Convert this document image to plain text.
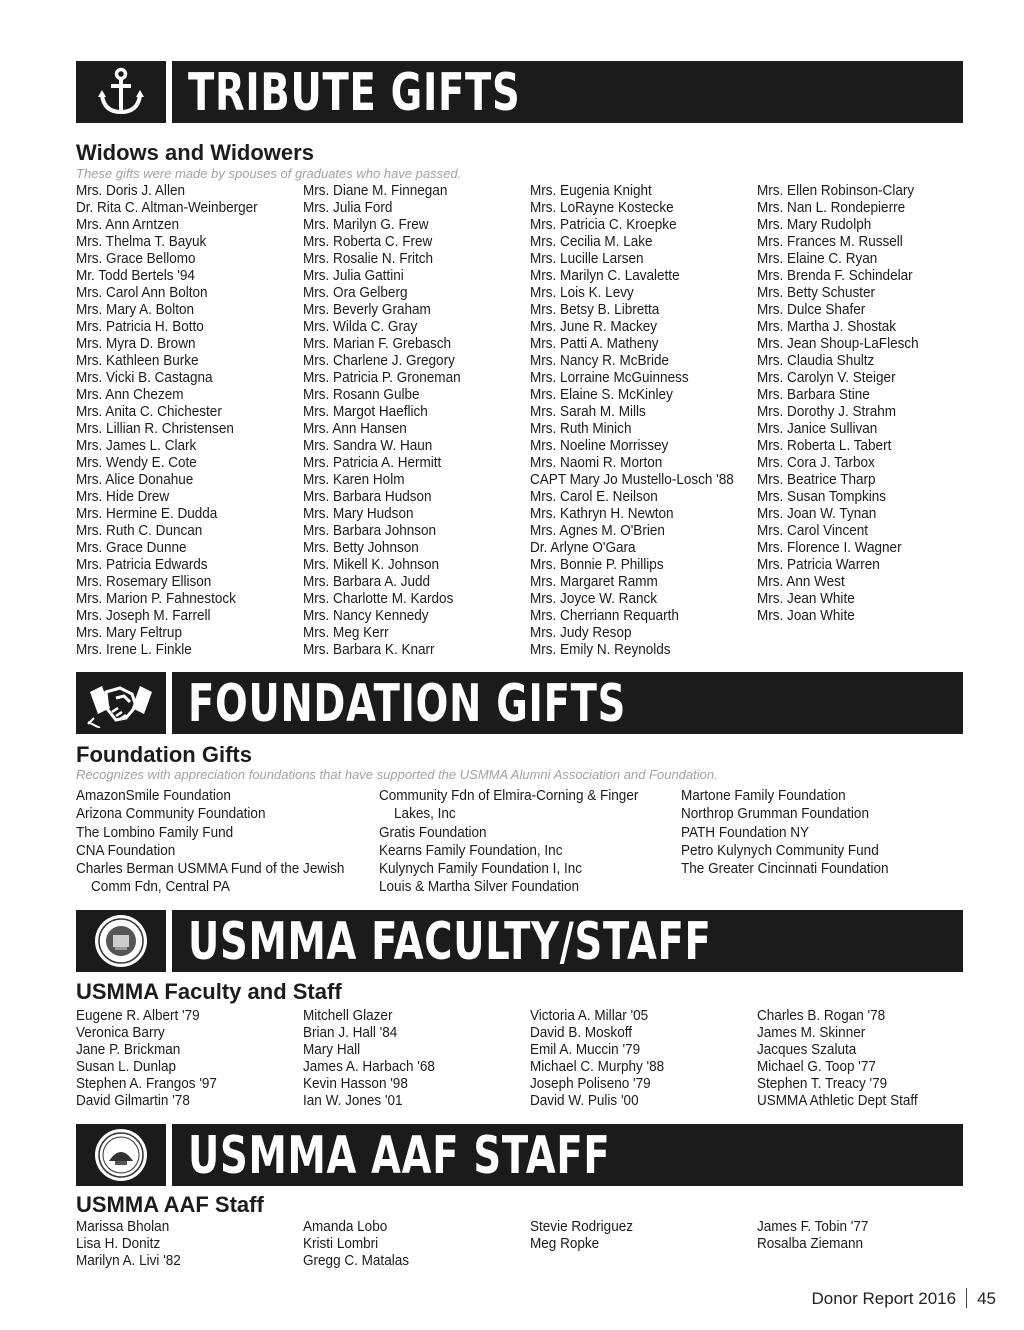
TRIBUTE GIFTS
Widows and Widowers
These gifts were made by spouses of graduates who have passed.
Mrs. Doris J. Allen
Dr. Rita C. Altman-Weinberger
Mrs. Ann Arntzen
Mrs. Thelma T. Bayuk
Mrs. Grace Bellomo
Mr. Todd Bertels '94
Mrs. Carol Ann Bolton
Mrs. Mary A. Bolton
Mrs. Patricia H. Botto
Mrs. Myra D. Brown
Mrs. Kathleen Burke
Mrs. Vicki B. Castagna
Mrs. Ann Chezem
Mrs. Anita C. Chichester
Mrs. Lillian R. Christensen
Mrs. James L. Clark
Mrs. Wendy E. Cote
Mrs. Alice Donahue
Mrs. Hide Drew
Mrs. Hermine E. Dudda
Mrs. Ruth C. Duncan
Mrs. Grace Dunne
Mrs. Patricia Edwards
Mrs. Rosemary Ellison
Mrs. Marion P. Fahnestock
Mrs. Joseph M. Farrell
Mrs. Mary Feltrup
Mrs. Irene L. Finkle
Mrs. Diane M. Finnegan
Mrs. Julia Ford
Mrs. Marilyn G. Frew
Mrs. Roberta C. Frew
Mrs. Rosalie N. Fritch
Mrs. Julia Gattini
Mrs. Ora Gelberg
Mrs. Beverly Graham
Mrs. Wilda C. Gray
Mrs. Marian F. Grebasch
Mrs. Charlene J. Gregory
Mrs. Patricia P. Groneman
Mrs. Rosann Gulbe
Mrs. Margot Haeflich
Mrs. Ann Hansen
Mrs. Sandra W. Haun
Mrs. Patricia A. Hermitt
Mrs. Karen Holm
Mrs. Barbara Hudson
Mrs. Mary Hudson
Mrs. Barbara Johnson
Mrs. Betty Johnson
Mrs. Mikell K. Johnson
Mrs. Barbara A. Judd
Mrs. Charlotte M. Kardos
Mrs. Nancy Kennedy
Mrs. Meg Kerr
Mrs. Barbara K. Knarr
Mrs. Eugenia Knight
Mrs. LoRayne Kostecke
Mrs. Patricia C. Kroepke
Mrs. Cecilia M. Lake
Mrs. Lucille Larsen
Mrs. Marilyn C. Lavalette
Mrs. Lois K. Levy
Mrs. Betsy B. Libretta
Mrs. June R. Mackey
Mrs. Patti A. Matheny
Mrs. Nancy R. McBride
Mrs. Lorraine McGuinness
Mrs. Elaine S. McKinley
Mrs. Sarah M. Mills
Mrs. Ruth Minich
Mrs. Noeline Morrissey
Mrs. Naomi R. Morton
CAPT Mary Jo Mustello-Losch '88
Mrs. Carol E. Neilson
Mrs. Kathryn H. Newton
Mrs. Agnes M. O'Brien
Dr. Arlyne O'Gara
Mrs. Bonnie P. Phillips
Mrs. Margaret Ramm
Mrs. Joyce W. Ranck
Mrs. Cherriann Requarth
Mrs. Judy Resop
Mrs. Emily N. Reynolds
Mrs. Ellen Robinson-Clary
Mrs. Nan L. Rondepierre
Mrs. Mary Rudolph
Mrs. Frances M. Russell
Mrs. Elaine C. Ryan
Mrs. Brenda F. Schindelar
Mrs. Betty Schuster
Mrs. Dulce Shafer
Mrs. Martha J. Shostak
Mrs. Jean Shoup-LaFlesch
Mrs. Claudia Shultz
Mrs. Carolyn V. Steiger
Mrs. Barbara Stine
Mrs. Dorothy J. Strahm
Mrs. Janice Sullivan
Mrs. Roberta L. Tabert
Mrs. Cora J. Tarbox
Mrs. Beatrice Tharp
Mrs. Susan Tompkins
Mrs. Joan W. Tynan
Mrs. Carol Vincent
Mrs. Florence I. Wagner
Mrs. Patricia Warren
Mrs. Ann West
Mrs. Jean White
Mrs. Joan White
FOUNDATION GIFTS
Foundation Gifts
Recognizes with appreciation foundations that have supported the USMMA Alumni Association and Foundation.
AmazonSmile Foundation
Arizona Community Foundation
The Lombino Family Fund
CNA Foundation
Charles Berman USMMA Fund of the Jewish
Comm Fdn, Central PA
Community Fdn of Elmira-Corning & Finger
Lakes, Inc
Gratis Foundation
Kearns Family Foundation, Inc
Kulynych Family Foundation I, Inc
Louis & Martha Silver Foundation
Martone Family Foundation
Northrop Grumman Foundation
PATH Foundation NY
Petro Kulynych Community Fund
The Greater Cincinnati Foundation
USMMA FACULTY/STAFF
USMMA Faculty and Staff
Eugene R. Albert '79
Veronica Barry
Jane P. Brickman
Susan L. Dunlap
Stephen A. Frangos '97
David Gilmartin '78
Mitchell Glazer
Brian J. Hall '84
Mary Hall
James A. Harbach '68
Kevin Hasson '98
Ian W. Jones '01
Victoria A. Millar '05
David B. Moskoff
Emil A. Muccin '79
Michael C. Murphy '88
Joseph Poliseno '79
David W. Pulis '00
Charles B. Rogan '78
James M. Skinner
Jacques Szaluta
Michael G. Toop '77
Stephen T. Treacy '79
USMMA Athletic Dept Staff
USMMA AAF STAFF
USMMA AAF Staff
Marissa Bholan
Lisa H. Donitz
Marilyn A. Livi '82
Amanda Lobo
Kristi Lombri
Gregg C. Matalas
Stevie Rodriguez
Meg Ropke
James F. Tobin '77
Rosalba Ziemann
Donor Report 2016 45
